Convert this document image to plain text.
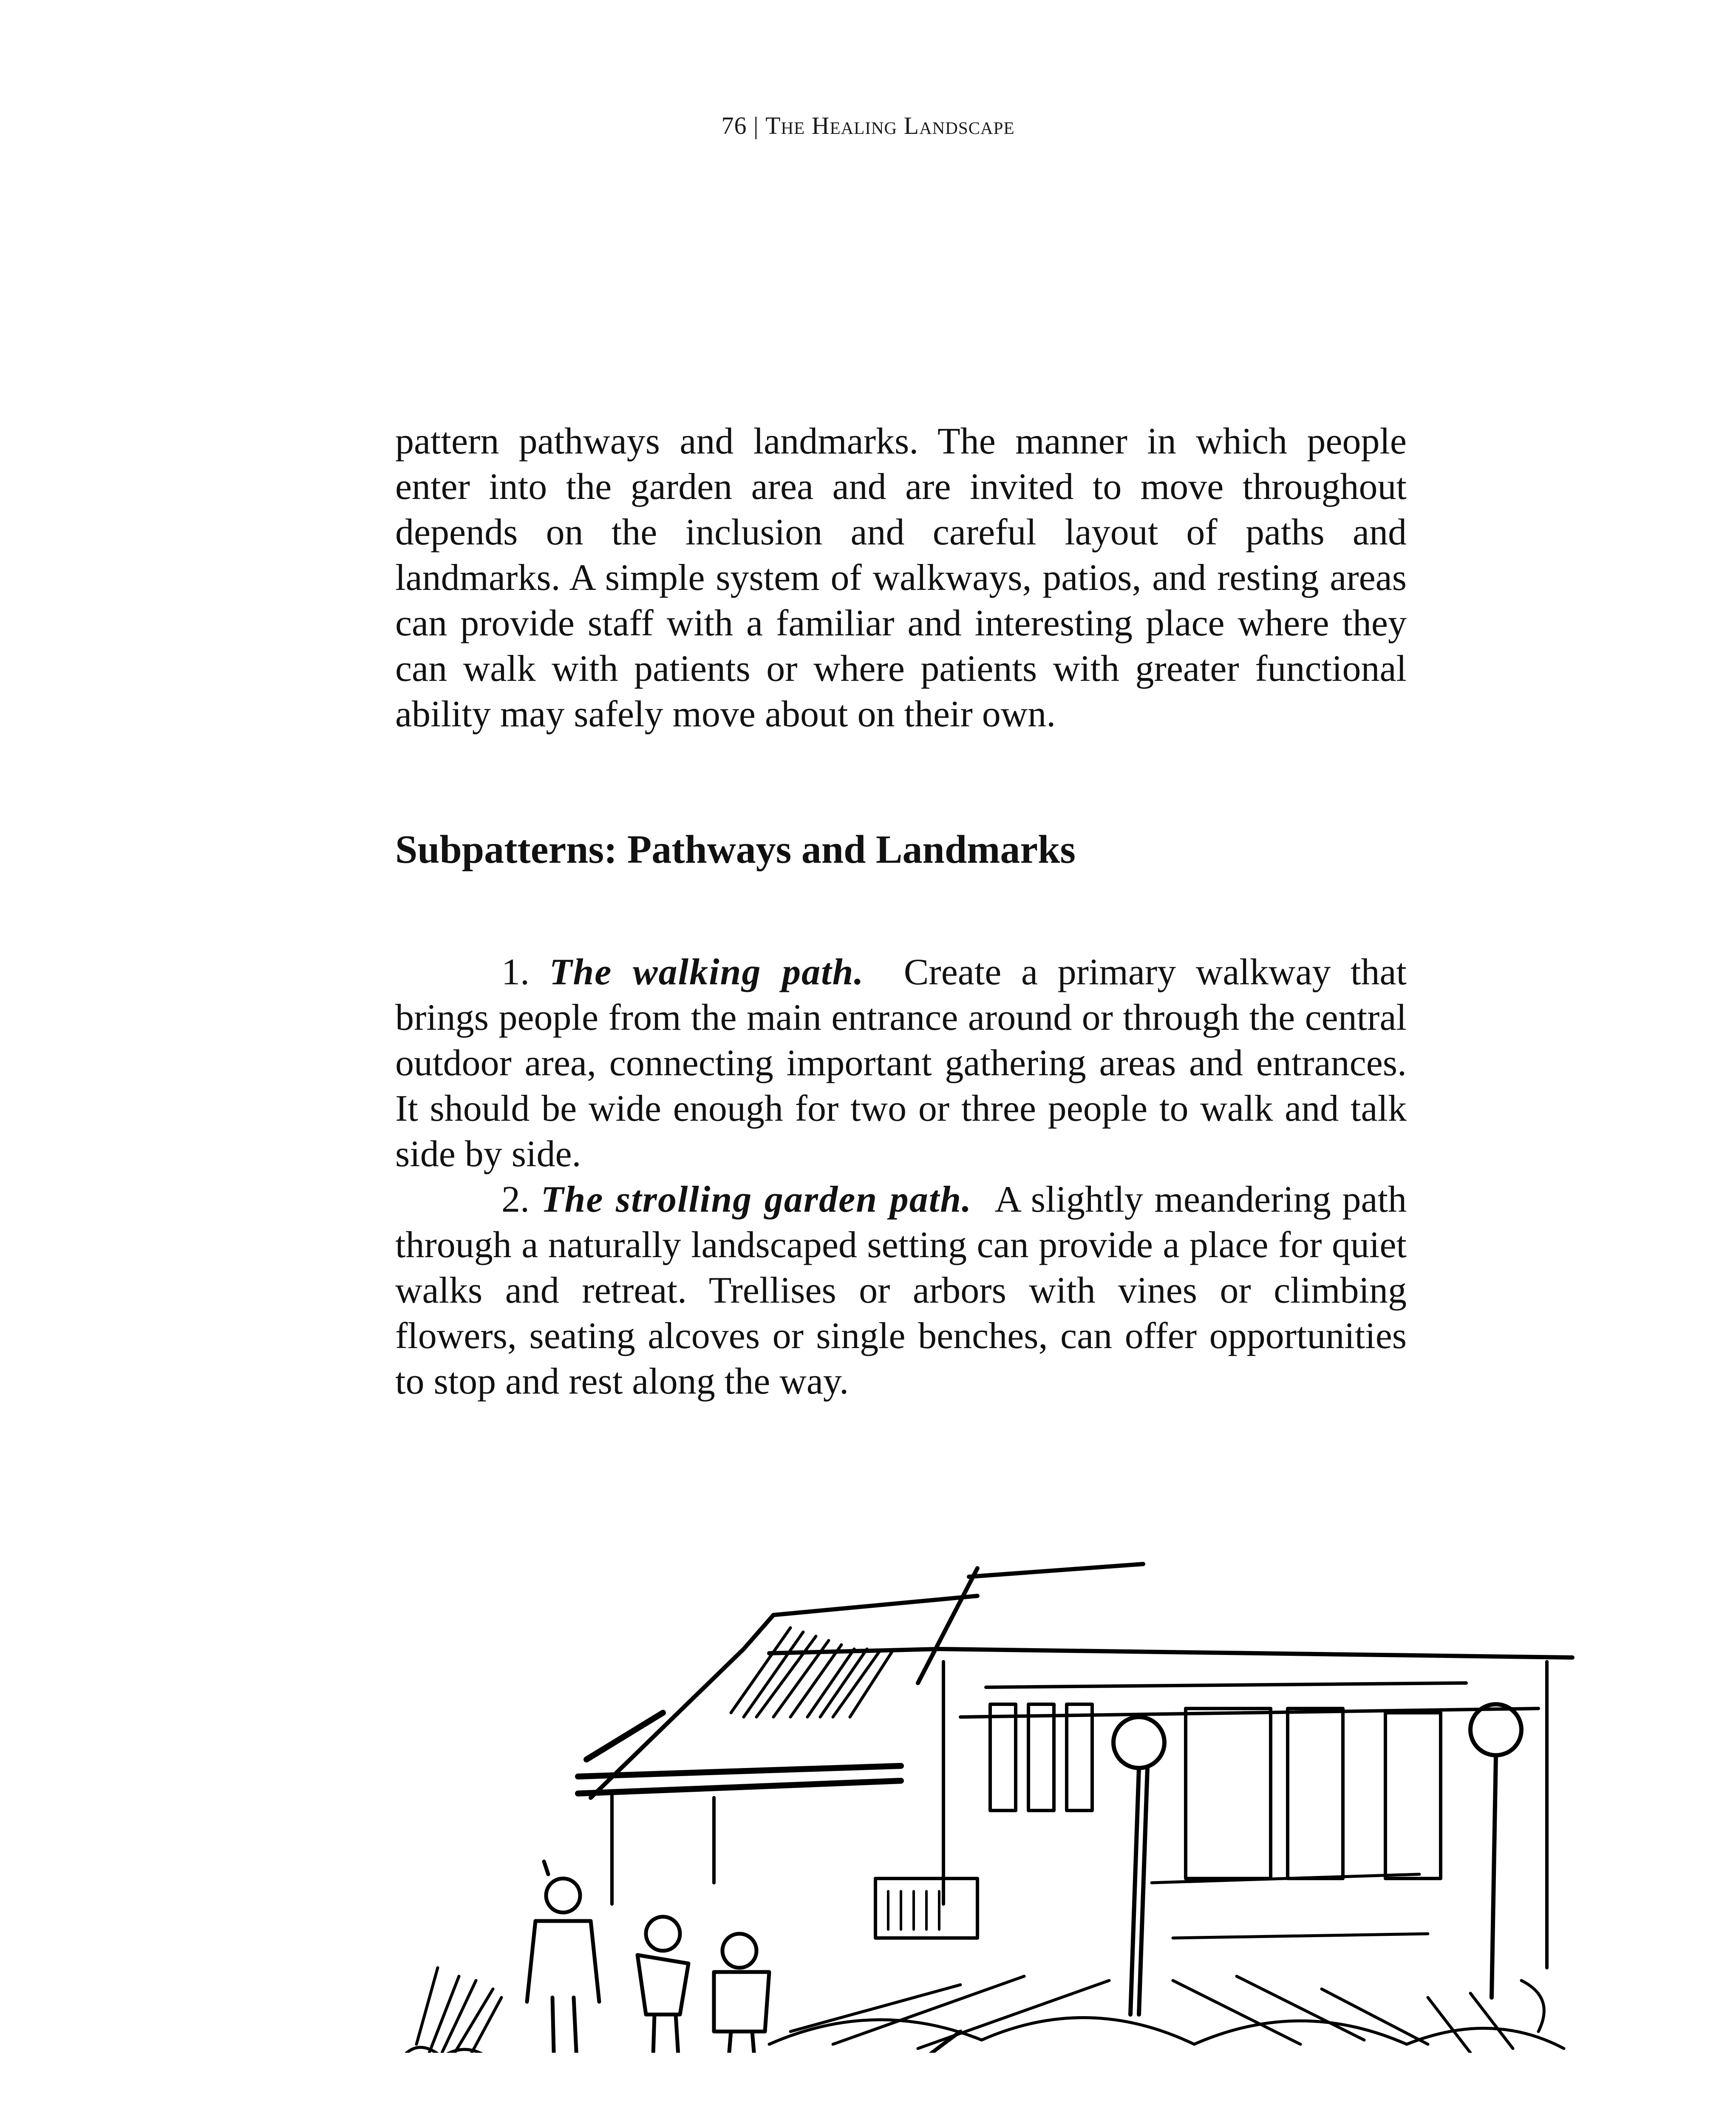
76 | The Healing Landscape

pattern pathways and landmarks. The manner in which people enter into the garden area and are invited to move throughout depends on the inclusion and careful layout of paths and landmarks. A simple system of walkways, patios, and resting areas can provide staff with a familiar and interesting place where they can walk with patients or where patients with greater functional ability may safely move about on their own.

Subpatterns: Pathways and Landmarks

1. The walking path. Create a primary walkway that brings people from the main entrance around or through the central outdoor area, connecting important gathering areas and entrances. It should be wide enough for two or three people to walk and talk side by side.

2. The strolling garden path. A slightly meandering path through a naturally landscaped setting can provide a place for quiet walks and retreat. Trellises or arbors with vines or climbing flowers, seating alcoves or single benches, can offer opportunities to stop and rest along the way.
